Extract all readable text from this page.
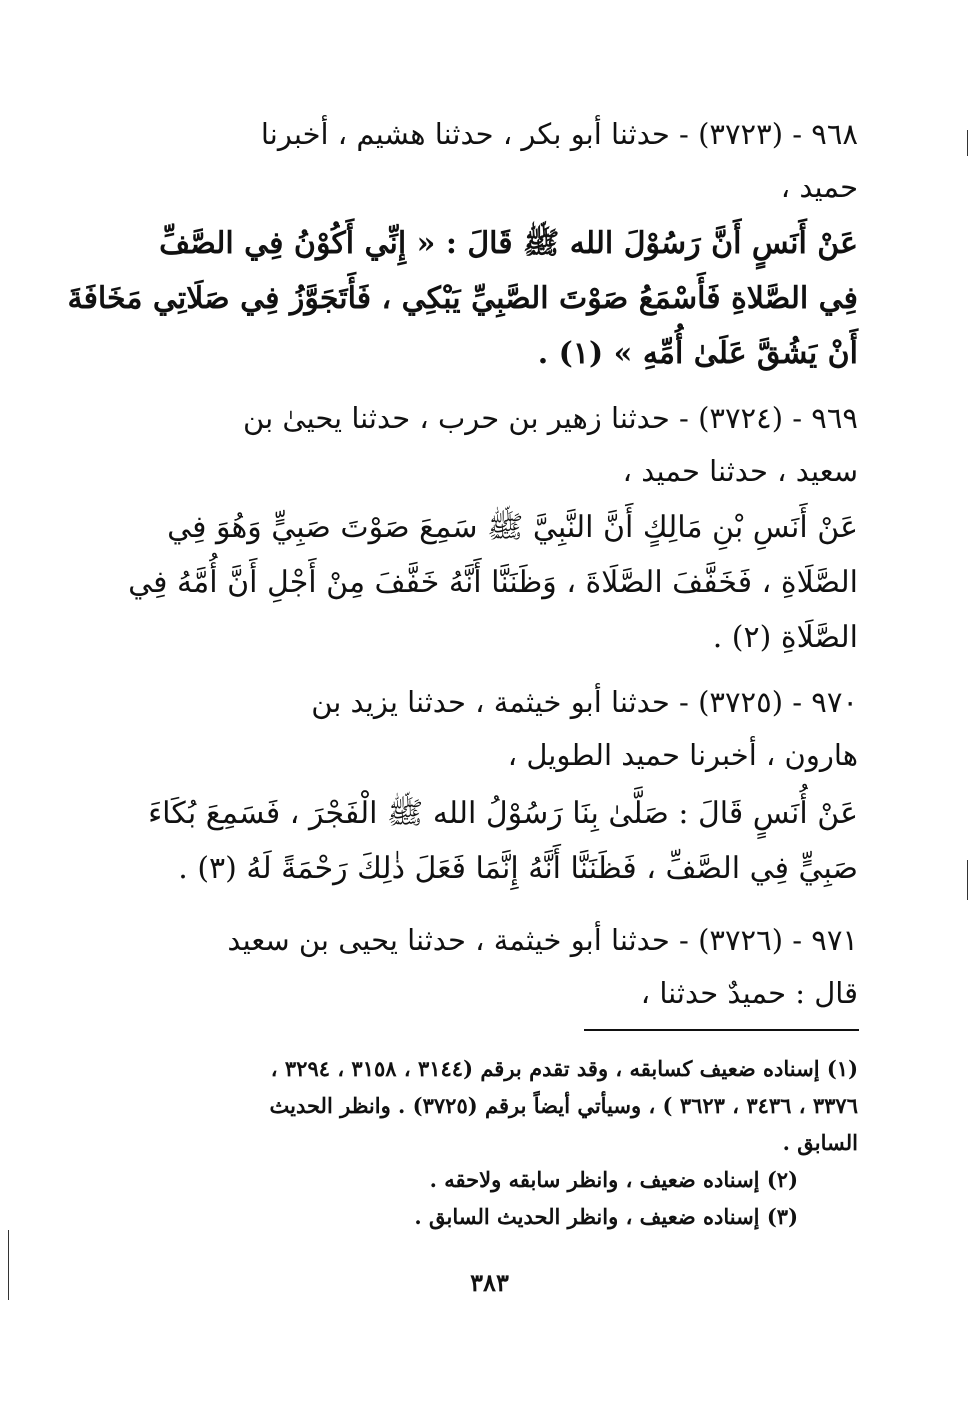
٩٦٨ - (٣٧٢٣) - حدثنا أبو بكر ، حدثنا هشيم ، أخبرنا
حميد ،
عَنْ أَنَسٍ أَنَّ رَسُوْلَ الله ﷺ قَالَ : « إِنِّي أَكُوْنُ فِي الصَّفِّ
فِي الصَّلاةِ فَأَسْمَعُ صَوْتَ الصَّبِيِّ يَبْكِي ، فَأَتَجَوَّزُ فِي صَلَاتِي مَخَافَةَ
أَنْ يَشُقَّ عَلَىٰ أُمِّهِ » (١) .
٩٦٩ - (٣٧٢٤) - حدثنا زهير بن حرب ، حدثنا يحيىٰ بن
سعيد ، حدثنا حميد ،
عَنْ أَنَسِ بْنِ مَالِكٍ أَنَّ النَّبِيَّ ﷺ سَمِعَ صَوْتَ صَبِيٍّ وَهُوَ فِي
الصَّلَاةِ ، فَخَفَّفَ الصَّلَاةَ ، وَظَنَنَّا أَنَّهُ خَفَّفَ مِنْ أَجْلِ أَنَّ أُمَّهُ فِي
الصَّلَاةِ (٢) .
٩٧٠ - (٣٧٢٥) - حدثنا أبو خيثمة ، حدثنا يزيد بن
هارون ، أخبرنا حميد الطويل ،
عَنْ أُنَسٍ قَالَ : صَلَّىٰ بِنَا رَسُوْلُ الله ﷺ الْفَجْرَ ، فَسَمِعَ بُكَاءَ
صَبِيٍّ فِي الصَّفِّ ، فَظَنَنَّا أَنَّهُ إِنَّمَا فَعَلَ ذٰلِكَ رَحْمَةً لَهُ (٣) .
٩٧١ - (٣٧٢٦) - حدثنا أبو خيثمة ، حدثنا يحيى بن سعيد
قال : حميدٌ حدثنا ،
(١) إسناده ضعيف كسابقه ، وقد تقدم برقم (٣١٤٤ ، ٣١٥٨ ، ٣٢٩٤ ،
٣٣٧٦ ، ٣٤٣٦ ، ٣٦٢٣ ) ، وسيأتي أيضاً برقم (٣٧٢٥) . وانظر الحديث
السابق .
(٢) إسناده ضعيف ، وانظر سابقه ولاحقه .
(٣) إسناده ضعيف ، وانظر الحديث السابق .
٣٨٣
